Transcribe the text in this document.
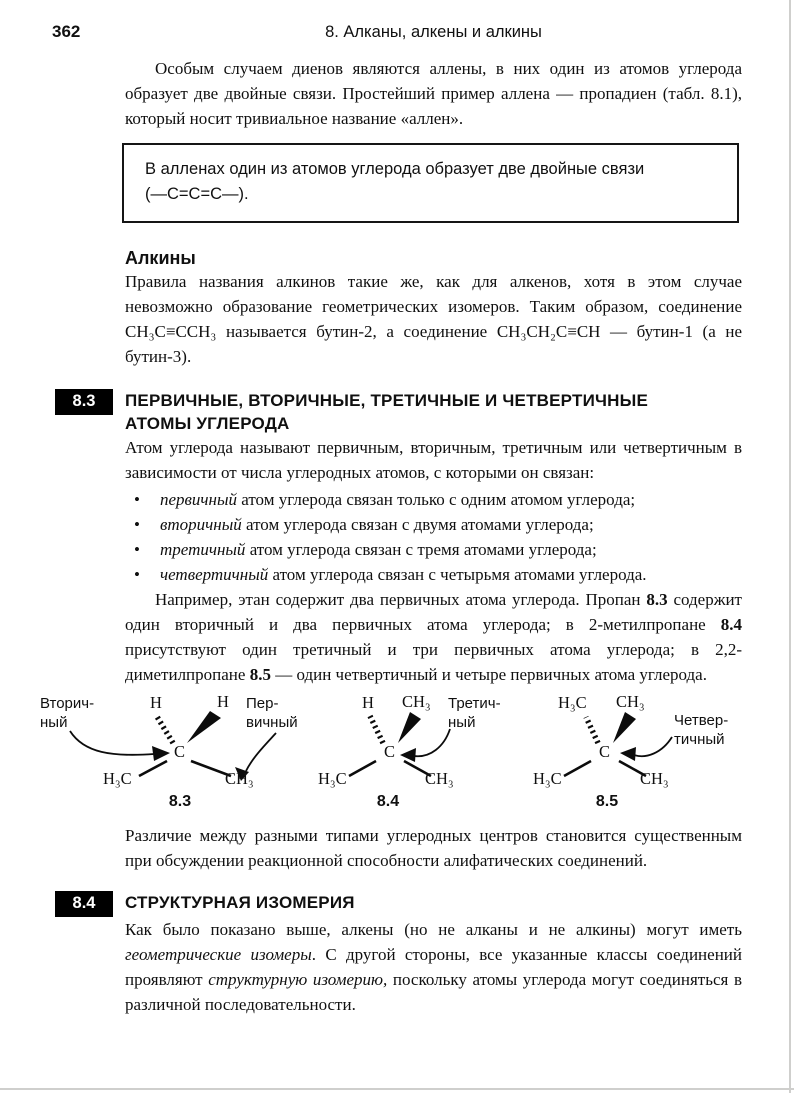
362	8. Алканы, алкены и алкины

Особым случаем диенов являются аллены, в них один из атомов углерода образует две двойные связи. Простейший пример аллена — пропадиен (табл. 8.1), который носит тривиальное название «аллен».

В алленах один из атомов углерода образует две двойные связи
(—С=С=С—).
Алкины

Правила названия алкинов такие же, как для алкенов, хотя в этом случае невозможно образование геометрических изомеров. Таким образом, соединение CH₃C≡CCH₃ называется бутин-2, а соединение CH₃CH₂C≡CH — бутин-1 (а не бутин-3).

8.3	ПЕРВИЧНЫЕ, ВТОРИЧНЫЕ, ТРЕТИЧНЫЕ И ЧЕТВЕРТИЧНЫЕ АТОМЫ УГЛЕРОДА

Атом углерода называют первичным, вторичным, третичным или четвертичным в зависимости от числа углеродных атомов, с которыми он связан:

• первичный атом углерода связан только с одним атомом углерода;
• вторичный атом углерода связан с двумя атомами углерода;
• третичный атом углерода связан с тремя атомами углерода;
• четвертичный атом углерода связан с четырьмя атомами углерода.

Например, этан содержит два первичных атома углерода. Пропан 8.3 содержит один вторичный и два первичных атома углерода; в 2-метилпропане 8.4 присутствуют один третичный и три первичных атома углерода; в 2,2-диметилпропане 8.5 — один четвертичный и четыре первичных атома углерода.

Вторич-
ный
Пер-
вичный
C
H	H
H₃C	CH₃
8.3
Третич-
ный
C
H CH₃
H₃C	CH₃
8.4
Четвер-
тичный
C
H₃C CH₃
H₃C	CH₃
8.5

Различие между разными типами углеродных центров становится существенным при обсуждении реакционной способности алифатических соединений.

8.4	СТРУКТУРНАЯ ИЗОМЕРИЯ

Как было показано выше, алкены (но не алканы и не алкины) могут иметь геометрические изомеры. С другой стороны, все указанные классы соединений проявляют структурную изомерию, поскольку атомы углерода могут соединяться в различной последовательности.
